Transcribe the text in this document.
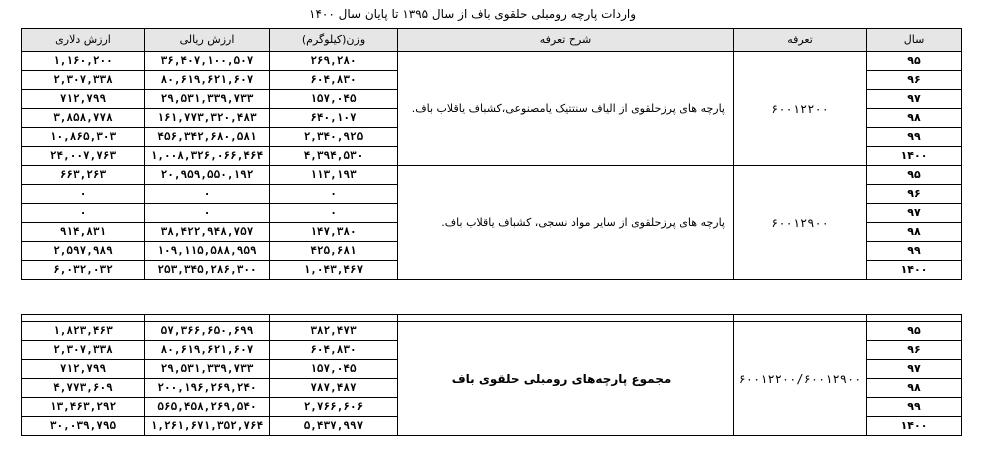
واردات پارچه رومبلی حلقوی باف از سال ۱۳۹۵ تا پایان سال ۱۴۰۰
ارزش دلاری	ارزش ریالی	وزن(کیلوگرم)	شرح تعرفه	تعرفه	سال
۱,۱۶۰,۲۰۰	۳۶,۴۰۷,۱۰۰,۵۰۷	۲۶۹,۲۸۰	پارچه های پرزحلقوی از الیاف سنتتیک یامصنوعی،کشباف یاقلاب باف.	۶۰۰۱۲۲۰۰	۹۵
۲,۳۰۷,۳۳۸	۸۰,۶۱۹,۶۲۱,۶۰۷	۶۰۴,۸۳۰			۹۶
۷۱۲,۷۹۹	۲۹,۵۳۱,۳۳۹,۷۳۳	۱۵۷,۰۴۵			۹۷
۳,۸۵۸,۷۷۸	۱۶۱,۷۷۳,۳۲۰,۴۸۳	۶۴۰,۱۰۷			۹۸
۱۰,۸۶۵,۳۰۳	۴۵۶,۳۴۲,۶۸۰,۵۸۱	۲,۳۴۰,۹۲۵			۹۹
۲۴,۰۰۷,۷۶۳	۱,۰۰۸,۳۲۶,۰۶۶,۴۶۴	۴,۳۹۴,۵۳۰			۱۴۰۰
۶۶۳,۲۶۳	۲۰,۹۵۹,۵۵۰,۱۹۲	۱۱۳,۱۹۳	پارچه های پرزحلقوی از سایر مواد نسجی، کشباف یاقلاب باف.	۶۰۰۱۲۹۰۰	۹۵
۰	۰	۰			۹۶
۰	۰	۰			۹۷
۹۱۴,۸۳۱	۳۸,۴۲۲,۹۴۸,۷۵۷	۱۴۷,۳۸۰			۹۸
۲,۵۹۷,۹۸۹	۱۰۹,۱۱۵,۵۸۸,۹۵۹	۴۲۵,۶۸۱			۹۹
۶,۰۳۲,۰۳۲	۲۵۳,۳۴۵,۲۸۶,۳۰۰	۱,۰۴۳,۴۶۷			۱۴۰۰

۱,۸۲۳,۴۶۳	۵۷,۳۶۶,۶۵۰,۶۹۹	۳۸۲,۴۷۳	مجموع پارچه‌های رومبلی حلقوی باف	۶۰۰۱۲۲۰۰/۶۰۰۱۲۹۰۰	۹۵
۲,۳۰۷,۳۳۸	۸۰,۶۱۹,۶۲۱,۶۰۷	۶۰۴,۸۳۰			۹۶
۷۱۲,۷۹۹	۲۹,۵۳۱,۳۳۹,۷۳۳	۱۵۷,۰۴۵			۹۷
۴,۷۷۳,۶۰۹	۲۰۰,۱۹۶,۲۶۹,۲۴۰	۷۸۷,۴۸۷			۹۸
۱۳,۴۶۳,۲۹۲	۵۶۵,۴۵۸,۲۶۹,۵۴۰	۲,۷۶۶,۶۰۶			۹۹
۳۰,۰۳۹,۷۹۵	۱,۲۶۱,۶۷۱,۳۵۲,۷۶۴	۵,۴۳۷,۹۹۷			۱۴۰۰
